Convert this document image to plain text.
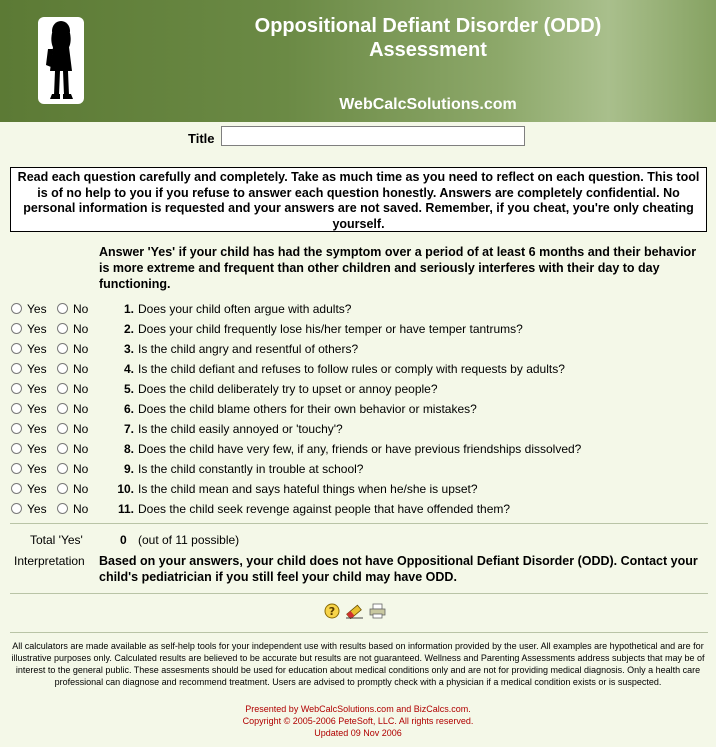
Oppositional Defiant Disorder (ODD)
Assessment
WebCalcSolutions.com
Title
Read each question carefully and completely. Take as much time as you need to reflect on each question. This tool is of no help to you if you refuse to answer each question honestly. Answers are completely confidential. No personal information is requested and your answers are not saved. Remember, if you cheat, you're only cheating yourself.
Answer 'Yes' if your child has had the symptom over a period of at least 6 months and their behavior is more extreme and frequent than other children and seriously interferes with their day to day functioning.
Yes No	1. Does your child often argue with adults?
Yes No	2. Does your child frequently lose his/her temper or have temper tantrums?
Yes No	3. Is the child angry and resentful of others?
Yes No	4. Is the child defiant and refuses to follow rules or comply with requests by adults?
Yes No	5. Does the child deliberately try to upset or annoy people?
Yes No	6. Does the child blame others for their own behavior or mistakes?
Yes No	7. Is the child easily annoyed or 'touchy'?
Yes No	8. Does the child have very few, if any, friends or have previous friendships dissolved?
Yes No	9. Is the child constantly in trouble at school?
Yes No 10. Is the child mean and says hateful things when he/she is upset?
Yes No	11. Does the child seek revenge against people that have offended them?
Total 'Yes'	0 (out of 11 possible)
Interpretation Based on your answers, your child does not have Oppositional Defiant Disorder (ODD). Contact your child's pediatrician if you still feel your child may have ODD.
?
All calculators are made available as self-help tools for your independent use with results based on information provided by the user. All examples are hypothetical and are for illustrative purposes only. Calculated results are believed to be accurate but results are not guaranteed. Wellness and Parenting Assessments address subjects that may be of interest to the general public. These assesments should be used for education about medical conditions only and are not for providing medical diagnosis. Only a health care professional can diagnose and recommend treatment. Users are advised to promptly check with a physician if a medical condition exists or is suspected.
Presented by WebCalcSolutions.com and BizCalcs.com.
Copyright © 2005-2006 PeteSoft, LLC. All rights reserved.
Updated 09 Nov 2006
